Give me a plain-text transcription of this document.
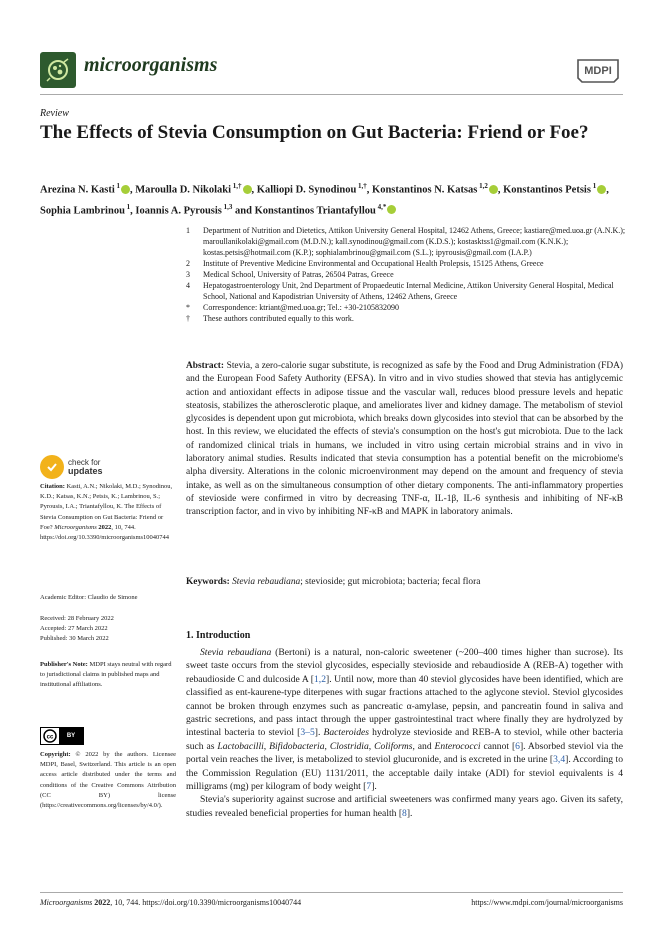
microorganisms	MDPI
Review
The Effects of Stevia Consumption on Gut Bacteria: Friend or Foe?
Arezina N. Kasti $^1$ , Maroulla D. Nikolaki $^{1,\dagger}$ , Kalliopi D. Synodinou $^{1,\dagger}$, Konstantinos N. Katsas $^{1,2}$ , Konstantinos Petsis $^1$ , Sophia Lambrinou $^1$, Ioannis A. Pyrousis $^{1,3}$ and Konstantinos Triantafyllou $^{4,*}$
1	Department of Nutrition and Dietetics, Attikon University General Hospital, 12462 Athens, Greece; kastiare@med.uoa.gr (A.N.K.); maroullanikolaki@gmail.com (M.D.N.); kall.synodinou@gmail.com (K.D.S.); kostasktss1@gmail.com (K.N.K.); kostas.petsis@hotmail.com (K.P.); sophialambrinou@gmail.com (S.L.); ipyrousis@gmail.com (I.A.P.)
2	Institute of Preventive Medicine Environmental and Occupational Health Prolepsis, 15125 Athens, Greece
3	Medical School, University of Patras, 26504 Patras, Greece
4	Hepatogastroenterology Unit, 2nd Department of Propaedeutic Internal Medicine, Attikon University General Hospital, Medical School, National and Kapodistrian University of Athens, 12462 Athens, Greece
*	Correspondence: ktriant@med.uoa.gr; Tel.: +30-2105832090
†	These authors contributed equally to this work.
Abstract: Stevia, a zero-calorie sugar substitute, is recognized as safe by the Food and Drug Administration (FDA) and the European Food Safety Authority (EFSA). In vitro and in vivo studies showed that stevia has antiglycemic action and antioxidant effects in adipose tissue and the vascular wall, reduces blood pressure levels and hepatic steatosis, stabilizes the atherosclerotic plaque, and ameliorates liver and kidney damage. The metabolism of steviol glycosides is dependent upon gut microbiota, which breaks down glycosides into steviol that can be absorbed by the host. In this review, we elucidated the effects of stevia's consumption on the host's gut microbiota. Due to the lack of randomized clinical trials in humans, we included in vitro using certain microbial strains and in vivo in laboratory animal studies. Results indicated that stevia consumption has a potential benefit on the microbiome's alpha diversity. Alterations in the colonic microenvironment may depend on the amount and frequency of stevia intake, as well as on the simultaneous consumption of other dietary components. The anti-inflammatory properties of stevioside were confirmed in vitro by decreasing TNF-α, IL-1β, IL-6 synthesis and inhibiting of NF-κB transcription factor, and in vivo by inhibiting NF-κB and MAPK in laboratory animals.
Keywords: Stevia rebaudiana; stevioside; gut microbiota; bacteria; fecal flora
1. Introduction

Stevia rebaudiana (Bertoni) is a natural, non-caloric sweetener (~200–400 times higher than sucrose). Its sweet taste occurs from the steviol glycosides, especially stevioside and rebaudioside A (REB-A) together with rebaudioside C and dulcoside A [1,2]. Until now, more than 40 steviol glycosides have been identified, which are classified as ent-kaurene-type diterpenes with sugar fractions attached to the aglycone steviol. Steviol glycosides cannot be broken through enzymes such as pancreatic α-amylase, pepsin, and pancreatin found in saliva and gastric secretions, and pass intact through the upper gastrointestinal tract where finally they are hydrolyzed by intestinal bacteria to steviol [3–5]. Bacteroides hydrolyze stevioside and REB-A to steviol, while other bacteria such as Lactobacilli, Bifidobacteria, Clostridia, Coliforms, and Enterococci cannot [6]. Absorbed steviol via the portal vein reaches the liver, is metabolized to steviol glucuronide, and is excreted in the urine [3,4]. According to the Commission Regulation (EU) 1131/2011, the acceptable daily intake (ADI) for steviol equivalents is 4 milligrams (mg) per kilogram of body weight [7].

Stevia's superiority against sucrose and artificial sweeteners was confirmed many years ago. Given its safety, studies revealed beneficial properties for human health [8].

check for
updates
Citation: Kasti, A.N.; Nikolaki, M.D.; Synodinou, K.D.; Katsas, K.N.; Petsis, K.; Lambrinou, S.; Pyrousis, I.A.; Triantafyllou, K. The Effects of Stevia Consumption on Gut Bacteria: Friend or Foe? Microorganisms 2022, 10, 744. https://doi.org/10.3390/microorganisms10040744
Academic Editor: Claudio de Simone
Received: 28 February 2022
Accepted: 27 March 2022
Published: 30 March 2022
Publisher's Note: MDPI stays neutral with regard to jurisdictional claims in published maps and institutional affiliations.
cc	BY
Copyright: © 2022 by the authors. Licensee MDPI, Basel, Switzerland. This article is an open access article distributed under the terms and conditions of the Creative Commons Attribution (CC BY) license (https://creativecommons.org/licenses/by/4.0/).
Microorganisms 2022, 10, 744. https://doi.org/10.3390/microorganisms10040744	https://www.mdpi.com/journal/microorganisms
